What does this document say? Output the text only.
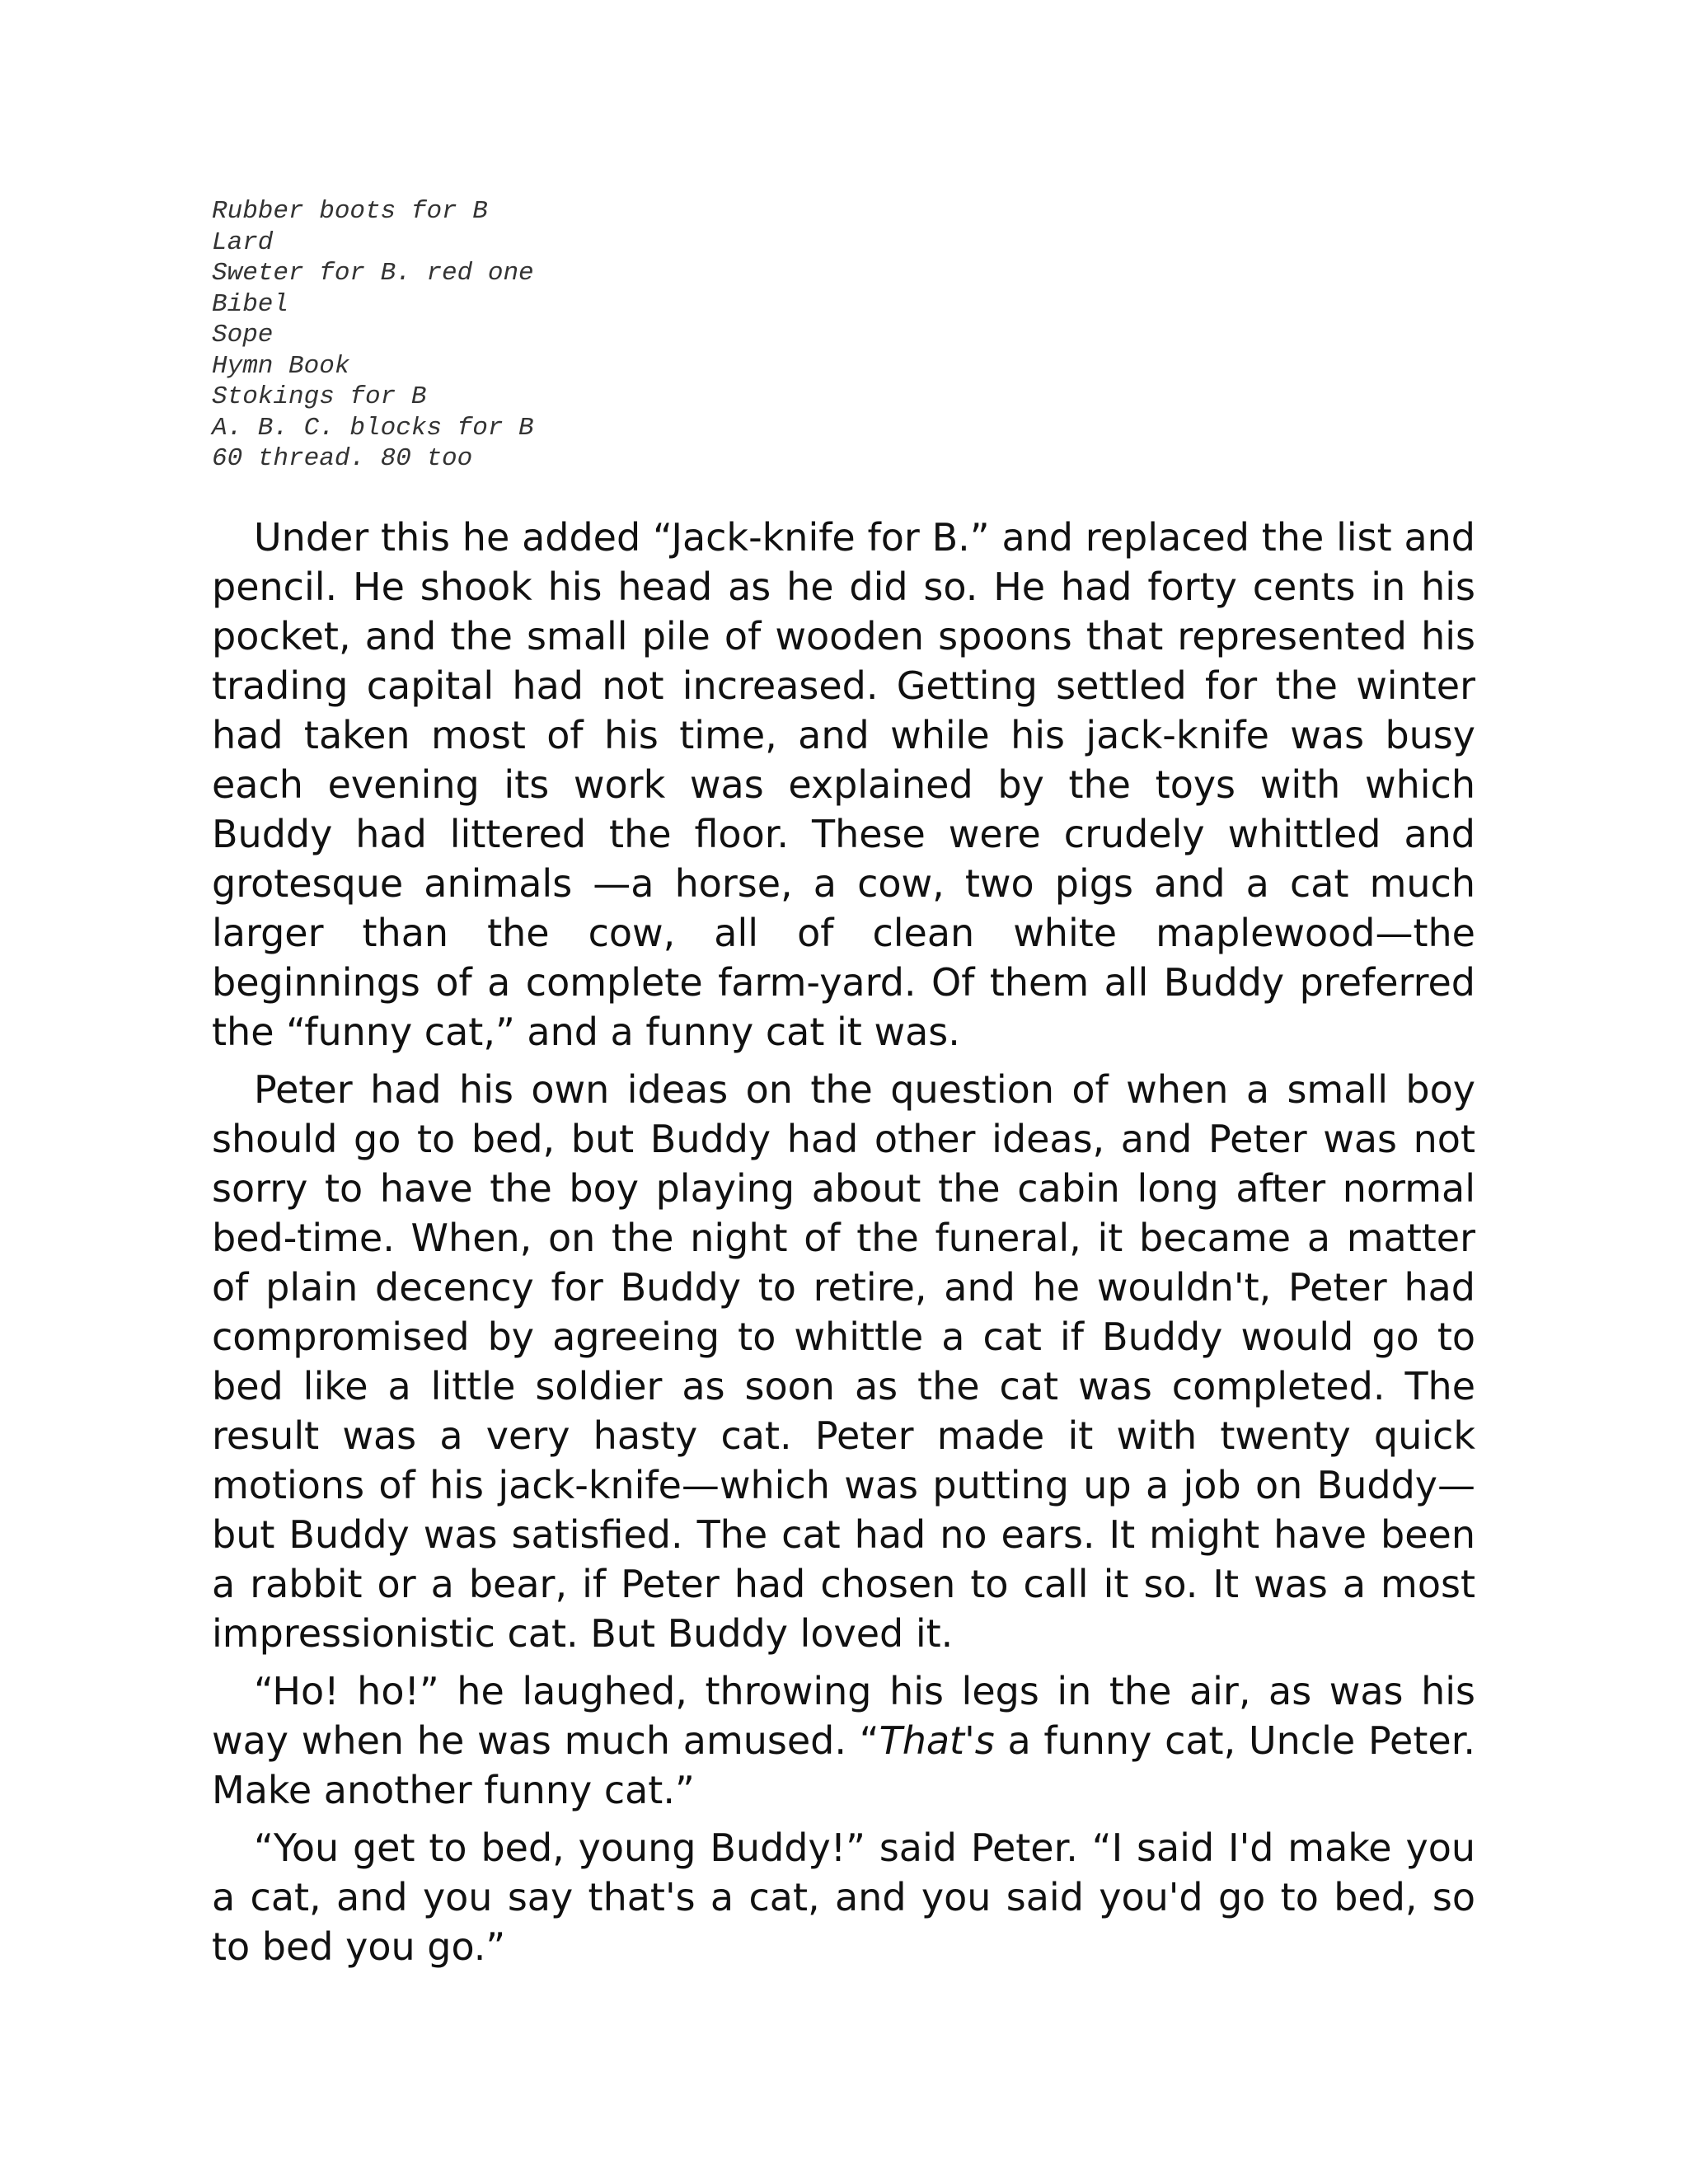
Rubber boots for B
Lard
Sweter for B. red one
Bibel
Sope
Hymn Book
Stokings for B
A. B. C. blocks for B
60 thread. 80 too

Under this he added “Jack-knife for B.” and replaced the list and pencil. He shook his head as he did so. He had forty cents in his pocket, and the small pile of wooden spoons that represented his trading capital had not increased. Getting settled for the winter had taken most of his time, and while his jack-knife was busy each evening its work was explained by the toys with which Buddy had littered the floor. These were crudely whittled and grotesque animals —a horse, a cow, two pigs and a cat much larger than the cow, all of clean white maplewood—the beginnings of a complete farm-yard. Of them all Buddy preferred the “funny cat,” and a funny cat it was.

Peter had his own ideas on the question of when a small boy should go to bed, but Buddy had other ideas, and Peter was not sorry to have the boy playing about the cabin long after normal bed-time. When, on the night of the funeral, it became a matter of plain decency for Buddy to retire, and he wouldn't, Peter had compromised by agreeing to whittle a cat if Buddy would go to bed like a little soldier as soon as the cat was completed. The result was a very hasty cat. Peter made it with twenty quick motions of his jack-knife—which was putting up a job on Buddy—but Buddy was satisfied. The cat had no ears. It might have been a rabbit or a bear, if Peter had chosen to call it so. It was a most impressionistic cat. But Buddy loved it.

“Ho! ho!” he laughed, throwing his legs in the air, as was his way when he was much amused. “That's a funny cat, Uncle Peter. Make another funny cat.”

“You get to bed, young Buddy!” said Peter. “I said I'd make you a cat, and you say that's a cat, and you said you'd go to bed, so to bed you go.”
